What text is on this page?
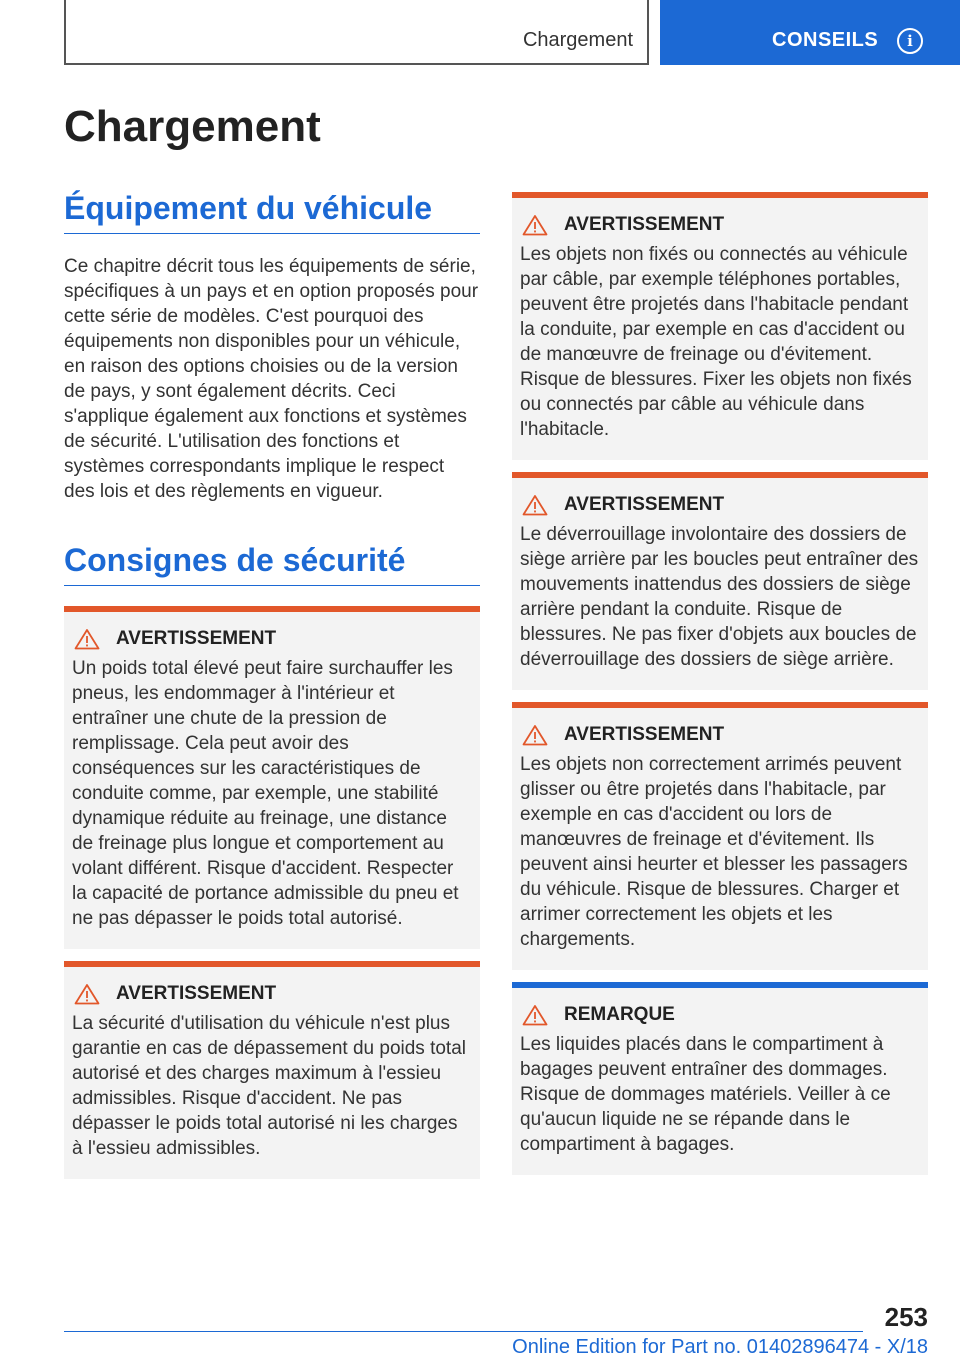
Chargement	CONSEILS	i
Chargement
Équipement du véhicule

Ce chapitre décrit tous les équipements de série, spécifiques à un pays et en option proposés pour cette série de modèles. C'est pourquoi des équipements non disponibles pour un véhicule, en raison des options choisies ou de la version de pays, y sont également décrits. Ceci s'applique également aux fonctions et systèmes de sécurité. L'utilisation des fonctions et systèmes correspondants implique le respect des lois et des règlements en vigueur.

Consignes de sécurité
AVERTISSEMENT
Un poids total élevé peut faire surchauffer les pneus, les endommager à l'intérieur et entraîner une chute de la pression de remplissage. Cela peut avoir des conséquences sur les caractéristiques de conduite comme, par exemple, une stabilité dynamique réduite au freinage, une distance de freinage plus longue et comportement au volant différent. Risque d'accident. Respecter la capacité de portance admissible du pneu et ne pas dépasser le poids total autorisé.
AVERTISSEMENT
La sécurité d'utilisation du véhicule n'est plus garantie en cas de dépassement du poids total autorisé et des charges maximum à l'essieu admissibles. Risque d'accident. Ne pas dépasser le poids total autorisé ni les charges à l'essieu admissibles.
AVERTISSEMENT
Les objets non fixés ou connectés au véhicule par câble, par exemple téléphones portables, peuvent être projetés dans l'habitacle pendant la conduite, par exemple en cas d'accident ou de manœuvre de freinage ou d'évitement. Risque de blessures. Fixer les objets non fixés ou connectés par câble au véhicule dans l'habitacle.
AVERTISSEMENT
Le déverrouillage involontaire des dossiers de siège arrière par les boucles peut entraîner des mouvements inattendus des dossiers de siège arrière pendant la conduite. Risque de blessures. Ne pas fixer d'objets aux boucles de déverrouillage des dossiers de siège arrière.
AVERTISSEMENT
Les objets non correctement arrimés peuvent glisser ou être projetés dans l'habitacle, par exemple en cas d'accident ou lors de manœuvres de freinage et d'évitement. Ils peuvent ainsi heurter et blesser les passagers du véhicule. Risque de blessures. Charger et arrimer correctement les objets et les chargements.
REMARQUE
Les liquides placés dans le compartiment à bagages peuvent entraîner des dommages. Risque de dommages matériels. Veiller à ce qu'aucun liquide ne se répande dans le compartiment à bagages.
253
Online Edition for Part no. 01402896474 - X/18
